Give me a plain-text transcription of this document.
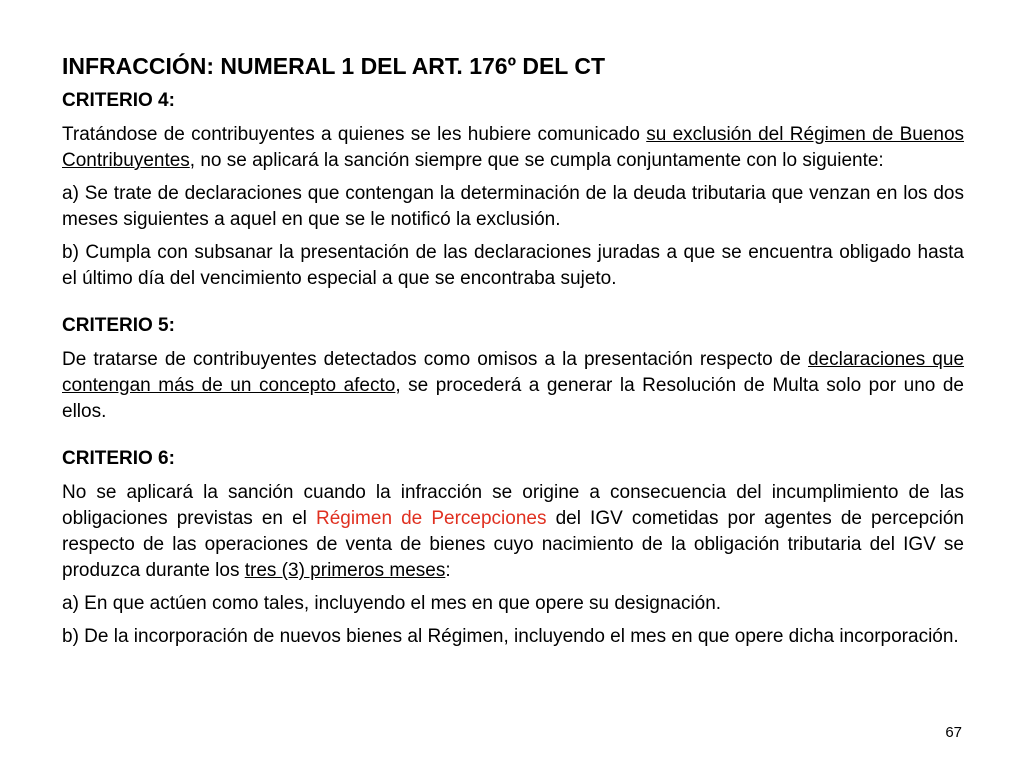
INFRACCIÓN: NUMERAL 1 DEL ART. 176º DEL CT
CRITERIO 4:

Tratándose de contribuyentes a quienes se les hubiere comunicado su exclusión del Régimen de Buenos Contribuyentes, no se aplicará la sanción siempre que se cumpla conjuntamente con lo siguiente:

a) Se trate de declaraciones que contengan la determinación de la deuda tributaria que venzan en los dos meses siguientes a aquel en que se le notificó la exclusión.

b) Cumpla con subsanar la presentación de las declaraciones juradas a que se encuentra obligado hasta el último día del vencimiento especial a que se encontraba sujeto.

CRITERIO 5:

De tratarse de contribuyentes detectados como omisos a la presentación respecto de declaraciones que contengan más de un concepto afecto, se procederá a generar la Resolución de Multa solo por uno de ellos.

CRITERIO 6:

No se aplicará la sanción cuando la infracción se origine a consecuencia del incumplimiento de las obligaciones previstas en el Régimen de Percepciones del IGV cometidas por agentes de percepción respecto de las operaciones de venta de bienes cuyo nacimiento de la obligación tributaria del IGV se produzca durante los tres (3) primeros meses:

a) En que actúen como tales, incluyendo el mes en que opere su designación.

b) De la incorporación de nuevos bienes al Régimen, incluyendo el mes en que opere dicha incorporación.

67
